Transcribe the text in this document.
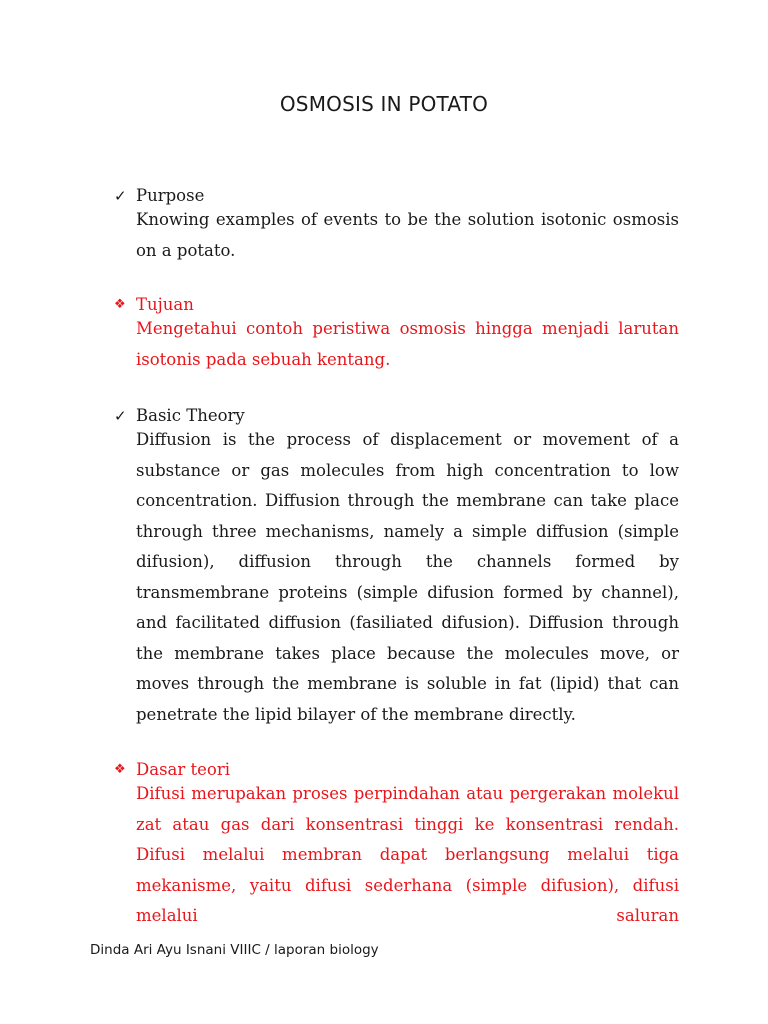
OSMOSIS IN POTATO
✓ Purpose
Knowing examples of events to be the solution isotonic osmosis on a potato.
❖ Tujuan
Mengetahui contoh peristiwa osmosis hingga menjadi larutan isotonis pada sebuah kentang.
✓ Basic Theory
Diffusion is the process of displacement or movement of a substance or gas molecules from high concentration to low concentration. Diffusion through the membrane can take place through three mechanisms, namely a simple diffusion (simple difusion), diffusion through the channels formed by transmembrane proteins (simple difusion formed by channel), and facilitated diffusion (fasiliated difusion). Diffusion through the membrane takes place because the molecules move, or moves through the membrane is soluble in fat (lipid) that can penetrate the lipid bilayer of the membrane directly.
❖ Dasar teori
Difusi merupakan proses perpindahan atau pergerakan molekul zat atau gas dari konsentrasi tinggi ke konsentrasi rendah. Difusi melalui membran dapat berlangsung melalui tiga mekanisme, yaitu difusi sederhana (simple difusion), difusi melalui saluran
Dinda Ari Ayu Isnani VIIIC / laporan biology
